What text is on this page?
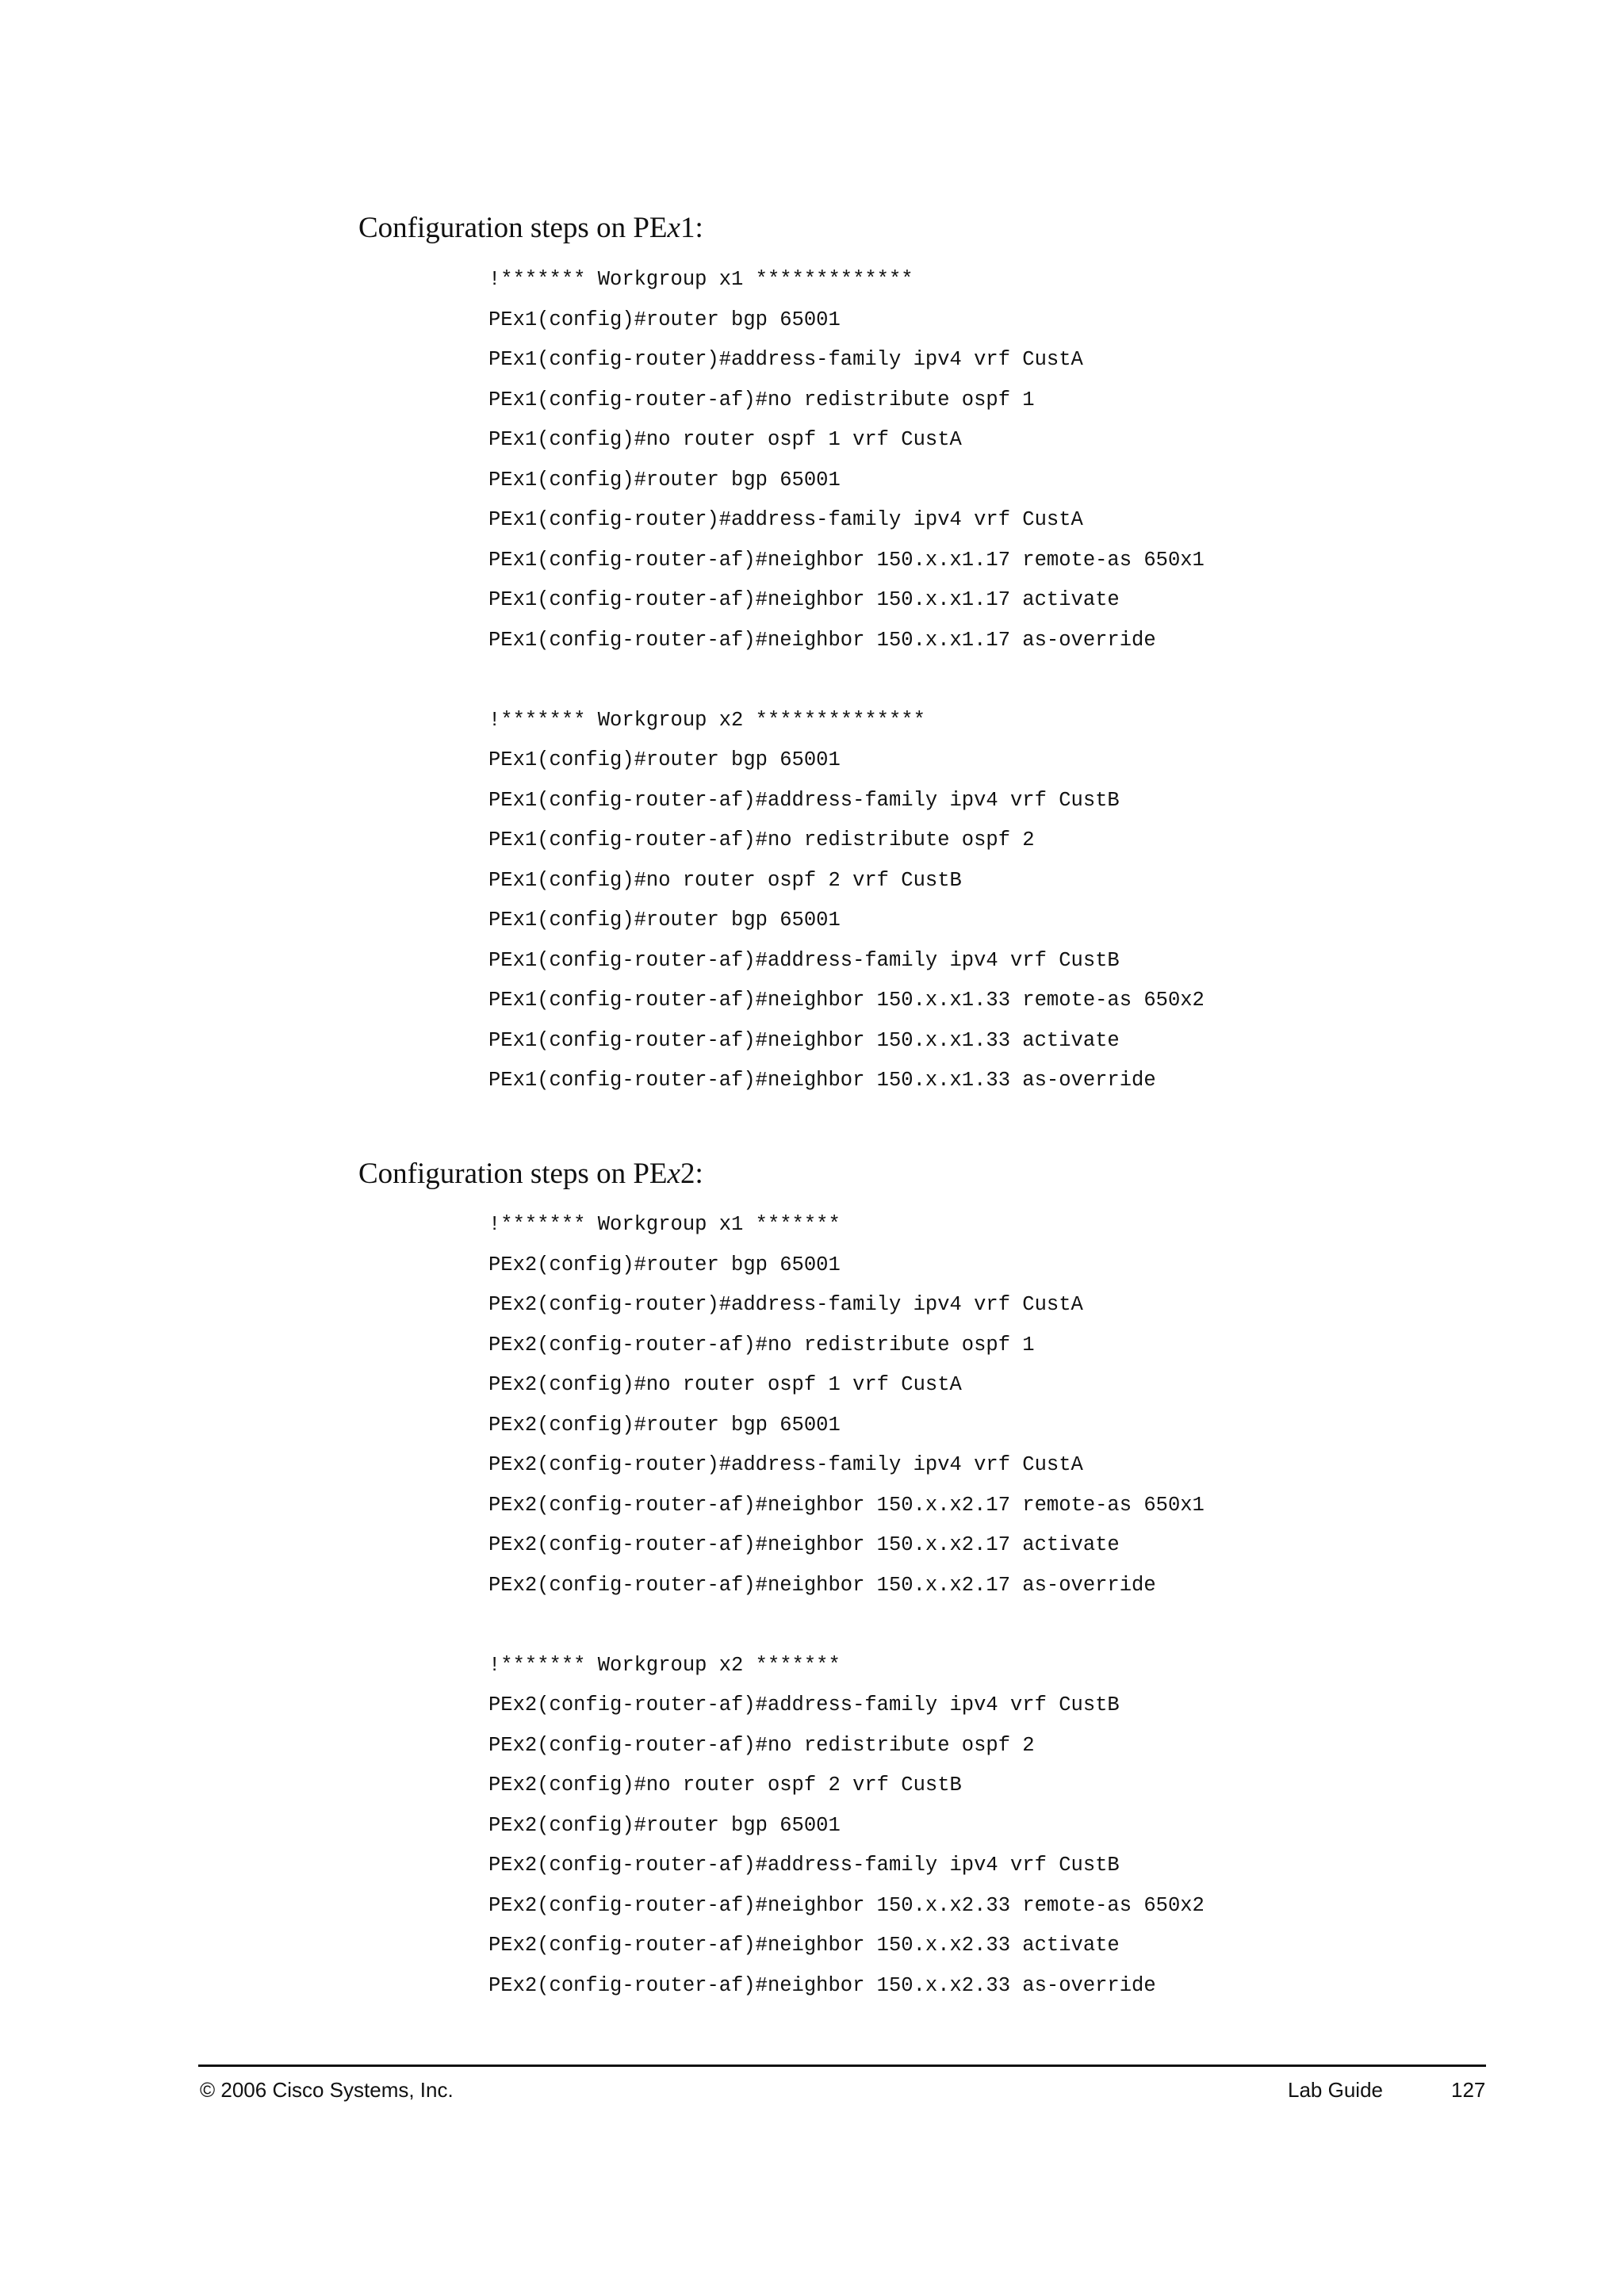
Configuration steps on PEx1:
!******* Workgroup x1 *************
PEx1(config)#router bgp 65001
PEx1(config-router)#address-family ipv4 vrf CustA
PEx1(config-router-af)#no redistribute ospf 1
PEx1(config)#no router ospf 1 vrf CustA
PEx1(config)#router bgp 65001
PEx1(config-router)#address-family ipv4 vrf CustA
PEx1(config-router-af)#neighbor 150.x.x1.17 remote-as 650x1
PEx1(config-router-af)#neighbor 150.x.x1.17 activate
PEx1(config-router-af)#neighbor 150.x.x1.17 as-override
!******* Workgroup x2 **************
PEx1(config)#router bgp 65001
PEx1(config-router-af)#address-family ipv4 vrf CustB
PEx1(config-router-af)#no redistribute ospf 2
PEx1(config)#no router ospf 2 vrf CustB
PEx1(config)#router bgp 65001
PEx1(config-router-af)#address-family ipv4 vrf CustB
PEx1(config-router-af)#neighbor 150.x.x1.33 remote-as 650x2
PEx1(config-router-af)#neighbor 150.x.x1.33 activate
PEx1(config-router-af)#neighbor 150.x.x1.33 as-override
Configuration steps on PEx2:
!******* Workgroup x1 *******
PEx2(config)#router bgp 65001
PEx2(config-router)#address-family ipv4 vrf CustA
PEx2(config-router-af)#no redistribute ospf 1
PEx2(config)#no router ospf 1 vrf CustA
PEx2(config)#router bgp 65001
PEx2(config-router)#address-family ipv4 vrf CustA
PEx2(config-router-af)#neighbor 150.x.x2.17 remote-as 650x1
PEx2(config-router-af)#neighbor 150.x.x2.17 activate
PEx2(config-router-af)#neighbor 150.x.x2.17 as-override
!******* Workgroup x2 *******
PEx2(config-router-af)#address-family ipv4 vrf CustB
PEx2(config-router-af)#no redistribute ospf 2
PEx2(config)#no router ospf 2 vrf CustB
PEx2(config)#router bgp 65001
PEx2(config-router-af)#address-family ipv4 vrf CustB
PEx2(config-router-af)#neighbor 150.x.x2.33 remote-as 650x2
PEx2(config-router-af)#neighbor 150.x.x2.33 activate
PEx2(config-router-af)#neighbor 150.x.x2.33 as-override
© 2006 Cisco Systems, Inc.	Lab Guide	127
